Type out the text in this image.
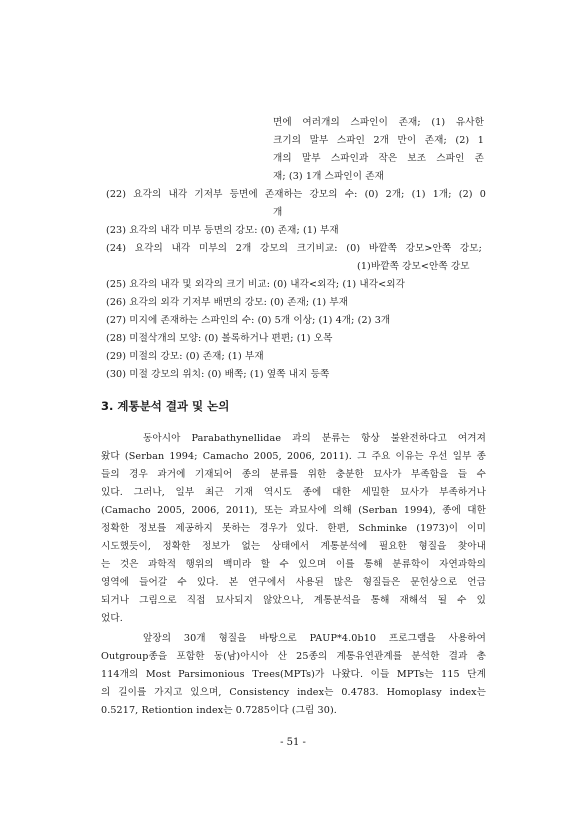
면에 여러개의 스파인이 존재; (1) 유사한
크기의 말부 스파인 2개 만이 존재; (2) 1
개의 말부 스파인과 작은 보조 스파인 존
재; (3) 1개 스파인이 존재
(22) 요각의 내각 기저부 등면에 존재하는 강모의 수: (0) 2개; (1) 1개; (2) 0
개
(23) 요각의 내각 미부 등면의 강모: (0) 존재; (1) 부재
(24) 요각의 내각 미부의 2개 강모의 크기비교: (0) 바깥쪽 강모>안쪽 강모;
(1)바깥쪽 강모<안쪽 강모
(25) 요각의 내각 및 외각의 크기 비교: (0) 내각<외각; (1) 내각<외각
(26) 요각의 외각 기저부 배면의 강모: (0) 존재; (1) 부재
(27) 미지에 존재하는 스파인의 수: (0) 5개 이상; (1) 4개; (2) 3개
(28) 미절삭개의 모양: (0) 볼록하거나 편편; (1) 오목
(29) 미절의 강모: (0) 존재; (1) 부재
(30) 미절 강모의 위치: (0) 배쪽; (1) 옆쪽 내지 등쪽
3. 계통분석 결과 및 논의
동아시아 Parabathynellidae 과의 분류는 항상 불완전하다고 여겨져
왔다 (Serban 1994; Camacho 2005, 2006, 2011). 그 주요 이유는 우선 일부 종
들의 경우 과거에 기재되어 종의 분류를 위한 충분한 묘사가 부족함을 들 수
있다. 그러나, 일부 최근 기재 역시도 종에 대한 세밀한 묘사가 부족하거나
(Camacho 2005, 2006, 2011), 또는 과묘사에 의해 (Serban 1994), 종에 대한
정확한 정보를 제공하지 못하는 경우가 있다. 한편, Schminke (1973)이 이미
시도했듯이, 정확한 정보가 없는 상태에서 계통분석에 필요한 형질을 찾아내
는 것은 과학적 행위의 백미라 할 수 있으며 이를 통해 분류학이 자연과학의
영역에 들어갈 수 있다. 본 연구에서 사용된 많은 형질들은 문헌상으로 언급
되거나 그림으로 직접 묘사되지 않았으나, 계통분석을 통해 재해석 될 수 있
었다.
앞장의 30개 형질을 바탕으로 PAUP*4.0b10 프로그램을 사용하여
Outgroup종을 포함한 동(남)아시아 산 25종의 계통유연관계를 분석한 결과 총
114개의 Most Parsimonious Trees(MPTs)가 나왔다. 이들 MPTs는 115 단계
의 길이를 가지고 있으며, Consistency index는 0.4783. Homoplasy index는
0.5217, Retiontion index는 0.7285이다 (그림 30).
- 51 -
